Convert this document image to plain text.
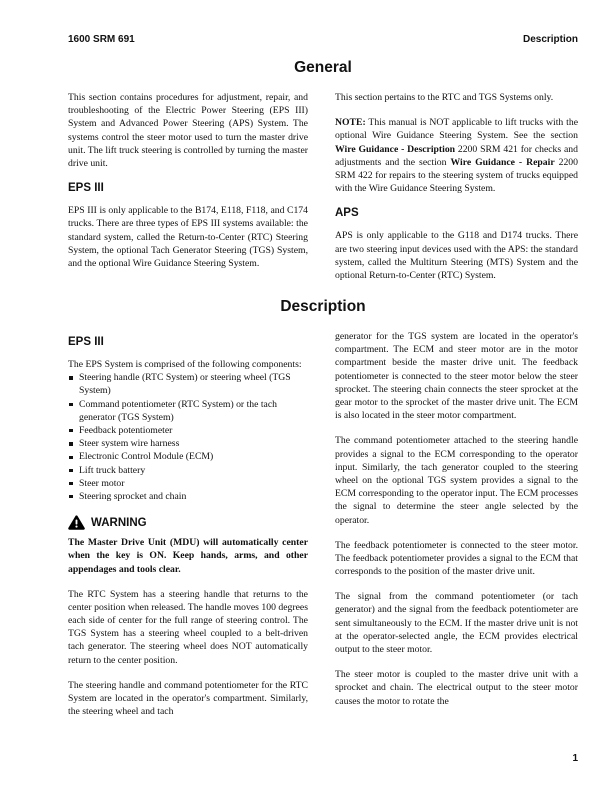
1600 SRM 691	Description
General

This section contains procedures for adjustment, repair, and troubleshooting of the Electric Power Steering (EPS III) System and Advanced Power Steering (APS) System. The systems control the steer motor used to turn the master drive unit. The lift truck steering is controlled by turning the master drive unit.

EPS III

EPS III is only applicable to the B174, E118, F118, and C174 trucks. There are three types of EPS III systems available: the standard system, called the Return-to-Center (RTC) Steering System, the optional Tach Generator Steering (TGS) System, and the optional Wire Guidance Steering System.

This section pertains to the RTC and TGS Systems only.

NOTE: This manual is NOT applicable to lift trucks with the optional Wire Guidance Steering System. See the section Wire Guidance - Description 2200 SRM 421 for checks and adjustments and the section Wire Guidance - Repair 2200 SRM 422 for repairs to the steering system of trucks equipped with the Wire Guidance Steering System.

APS

APS is only applicable to the G118 and D174 trucks. There are two steering input devices used with the APS: the standard system, called the Multiturn Steering (MTS) System and the optional Return-to-Center (RTC) System.

Description
EPS III

The EPS System is comprised of the following components:

Steering handle (RTC System) or steering wheel (TGS System)
Command potentiometer (RTC System) or the tach generator (TGS System)
Feedback potentiometer
Steer system wire harness
Electronic Control Module (ECM)
Lift truck battery
Steer motor
Steering sprocket and chain
WARNING

The Master Drive Unit (MDU) will automatically center when the key is ON. Keep hands, arms, and other appendages and tools clear.

The RTC System has a steering handle that returns to the center position when released. The handle moves 100 degrees each side of center for the full range of steering control. The TGS System has a steering wheel coupled to a belt-driven tach generator. The steering wheel does NOT automatically return to the center position.

The steering handle and command potentiometer for the RTC System are located in the operator's compartment. Similarly, the steering wheel and tach

generator for the TGS system are located in the operator's compartment. The ECM and steer motor are in the motor compartment beside the master drive unit. The feedback potentiometer is connected to the steer motor below the steer sprocket. The steering chain connects the steer sprocket at the gear motor to the sprocket of the master drive unit. The ECM is also located in the steer motor compartment.

The command potentiometer attached to the steering handle provides a signal to the ECM corresponding to the operator input. Similarly, the tach generator coupled to the steering wheel on the optional TGS system provides a signal to the ECM corresponding to the operator input. The ECM processes the signal to determine the steer angle selected by the operator.

The feedback potentiometer is connected to the steer motor. The feedback potentiometer provides a signal to the ECM that corresponds to the position of the master drive unit.

The signal from the command potentiometer (or tach generator) and the signal from the feedback potentiometer are sent simultaneously to the ECM. If the master drive unit is not at the operator-selected angle, the ECM provides electrical output to the steer motor.

The steer motor is coupled to the master drive unit with a sprocket and chain. The electrical output to the steer motor causes the motor to rotate the

1
